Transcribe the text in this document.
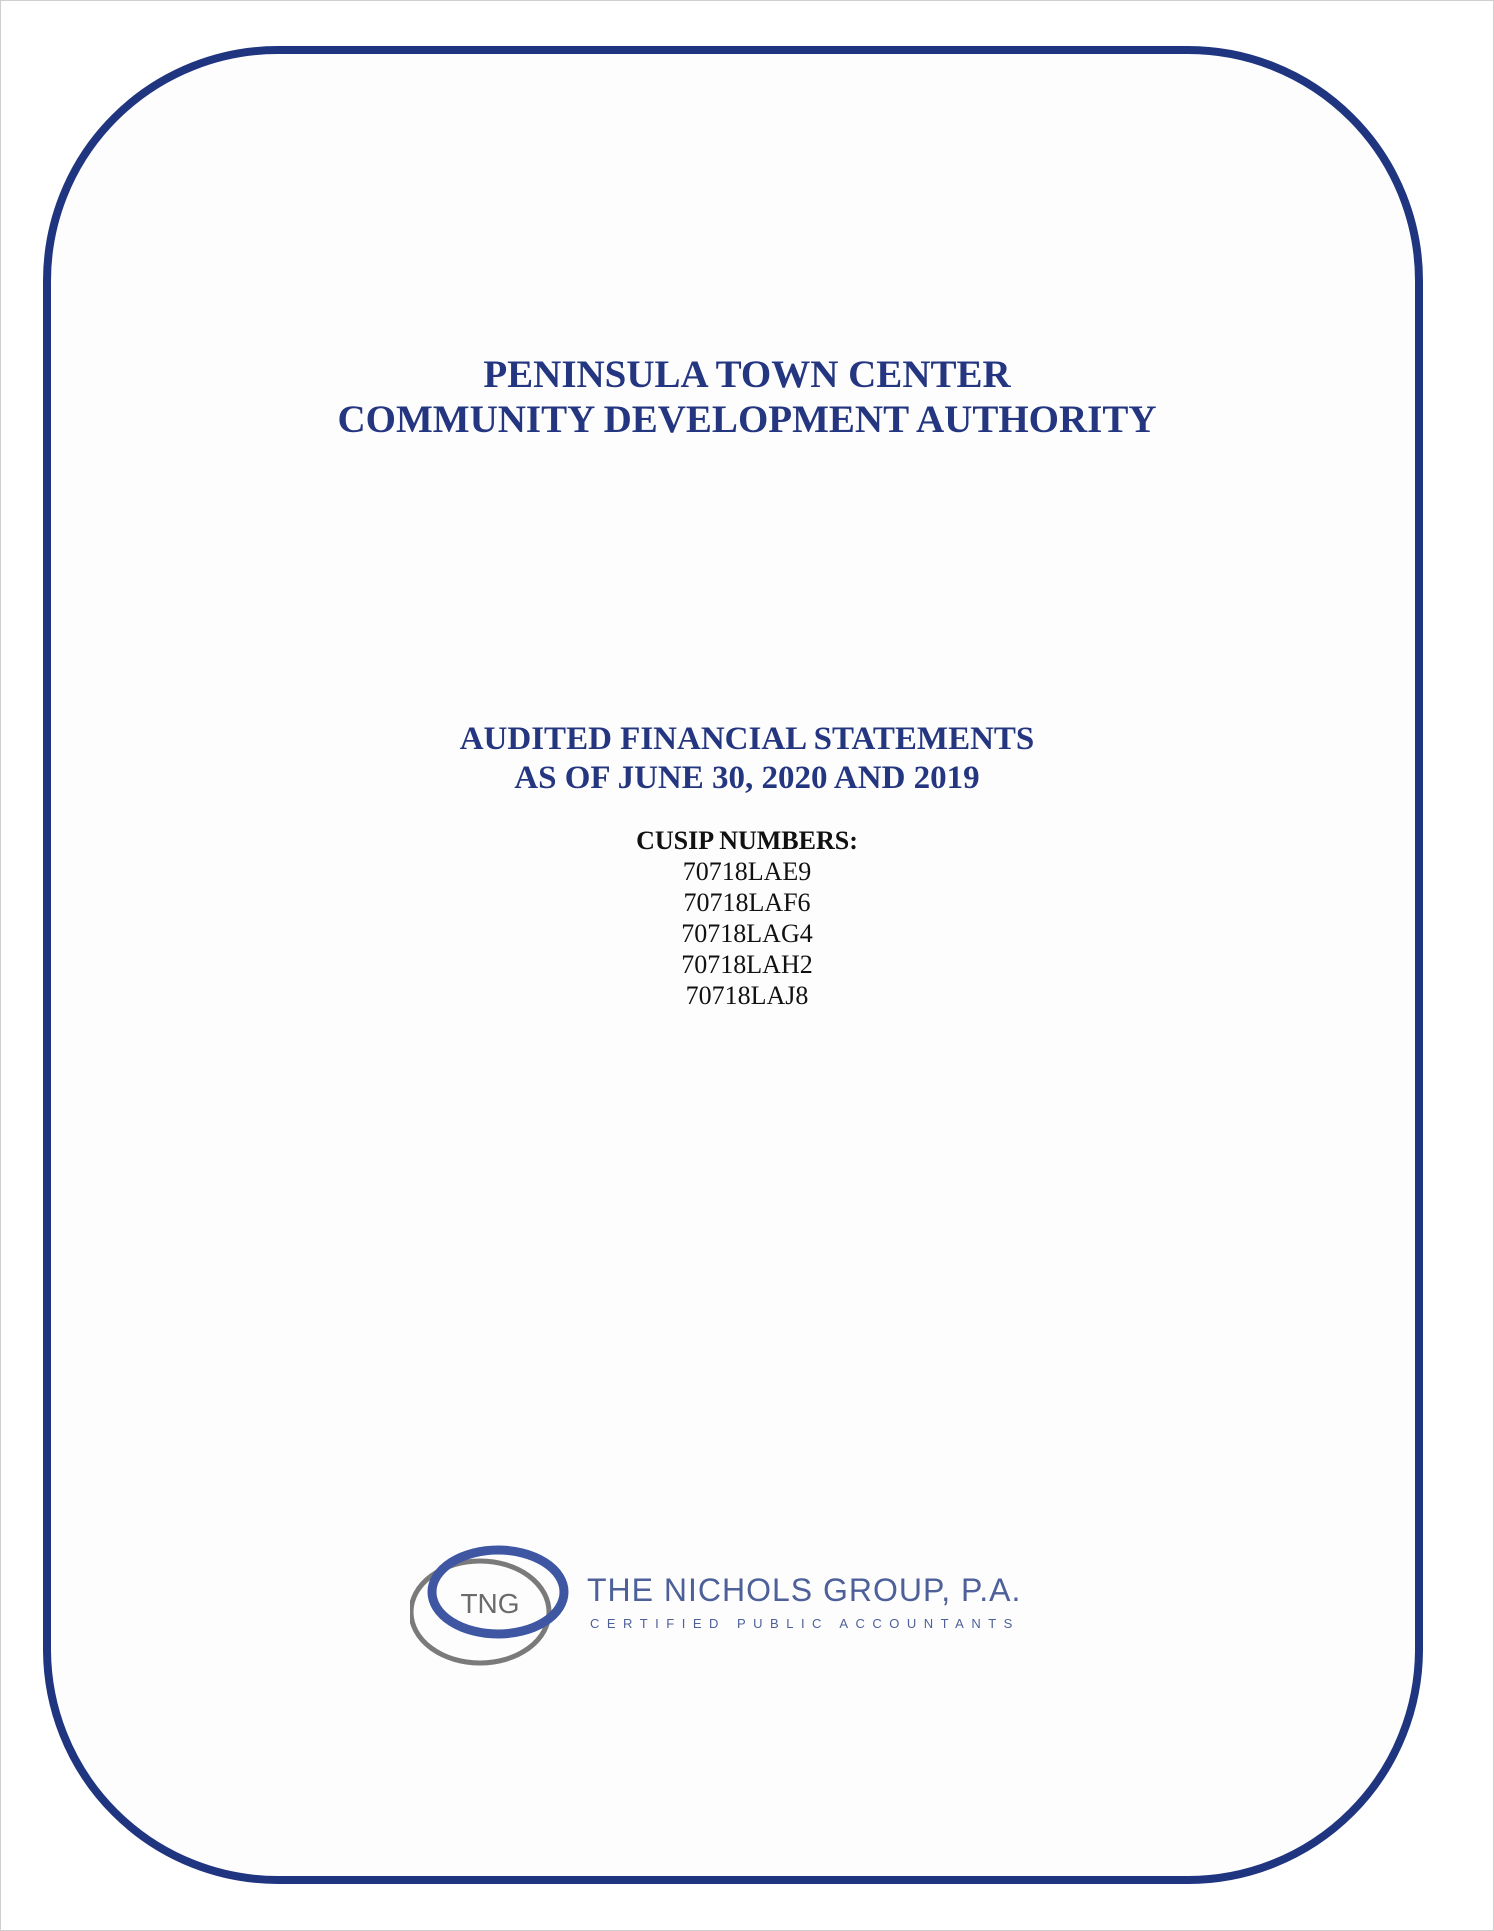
PENINSULA TOWN CENTER
COMMUNITY DEVELOPMENT AUTHORITY
AUDITED FINANCIAL STATEMENTS
AS OF JUNE 30, 2020 AND 2019
CUSIP NUMBERS:
70718LAE9
70718LAF6
70718LAG4
70718LAH2
70718LAJ8
TNG THE NICHOLS GROUP, P.A.
CERTIFIED PUBLIC ACCOUNTANTS
